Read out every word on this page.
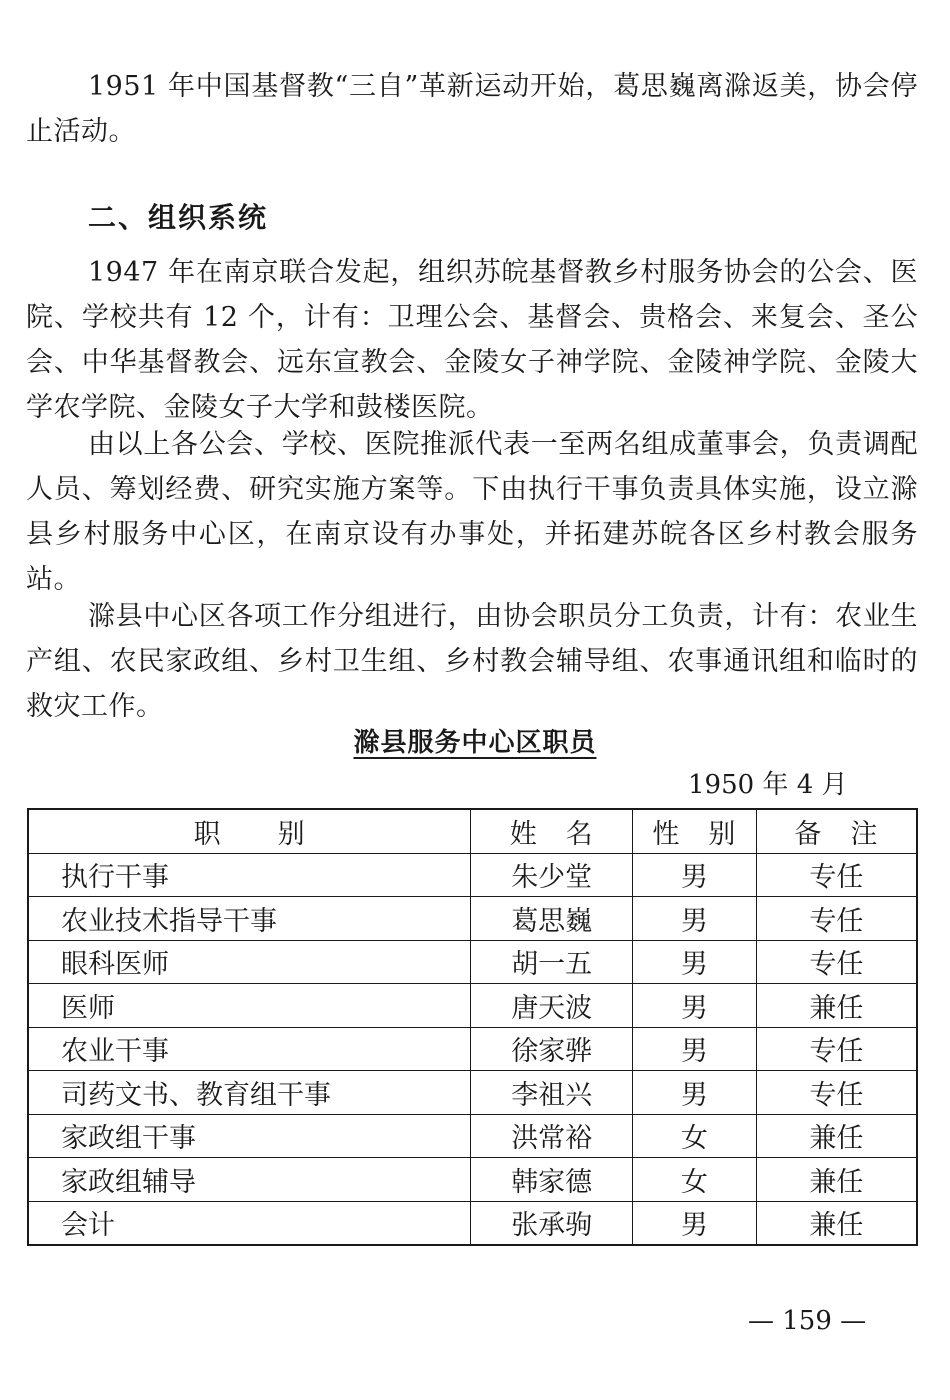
1951 年中国基督教“三自”革新运动开始，葛思巍离滁返美，协会停止活动。

二、组织系统

1947 年在南京联合发起，组织苏皖基督教乡村服务协会的公会、医院、学校共有 12 个，计有：卫理公会、基督会、贵格会、来复会、圣公会、中华基督教会、远东宣教会、金陵女子神学院、金陵神学院、金陵大学农学院、金陵女子大学和鼓楼医院。

由以上各公会、学校、医院推派代表一至两名组成董事会，负责调配人员、筹划经费、研究实施方案等。下由执行干事负责具体实施，设立滁县乡村服务中心区，在南京设有办事处，并拓建苏皖各区乡村教会服务站。

滁县中心区各项工作分组进行，由协会职员分工负责，计有：农业生产组、农民家政组、乡村卫生组、乡村教会辅导组、农事通讯组和临时的救灾工作。

滁县服务中心区职员

1950 年 4 月

职　　别	姓　名	性　别	备　注
执行干事	朱少堂	男	专任
农业技术指导干事	葛思巍	男	专任
眼科医师	胡一五	男	专任
医师	唐天波	男	兼任
农业干事	徐家骅	男	专任
司药文书、教育组干事	李祖兴	男	专任
家政组干事	洪常裕	女	兼任
家政组辅导	韩家德	女	兼任
会计	张承驹	男	兼任

— 159 —
